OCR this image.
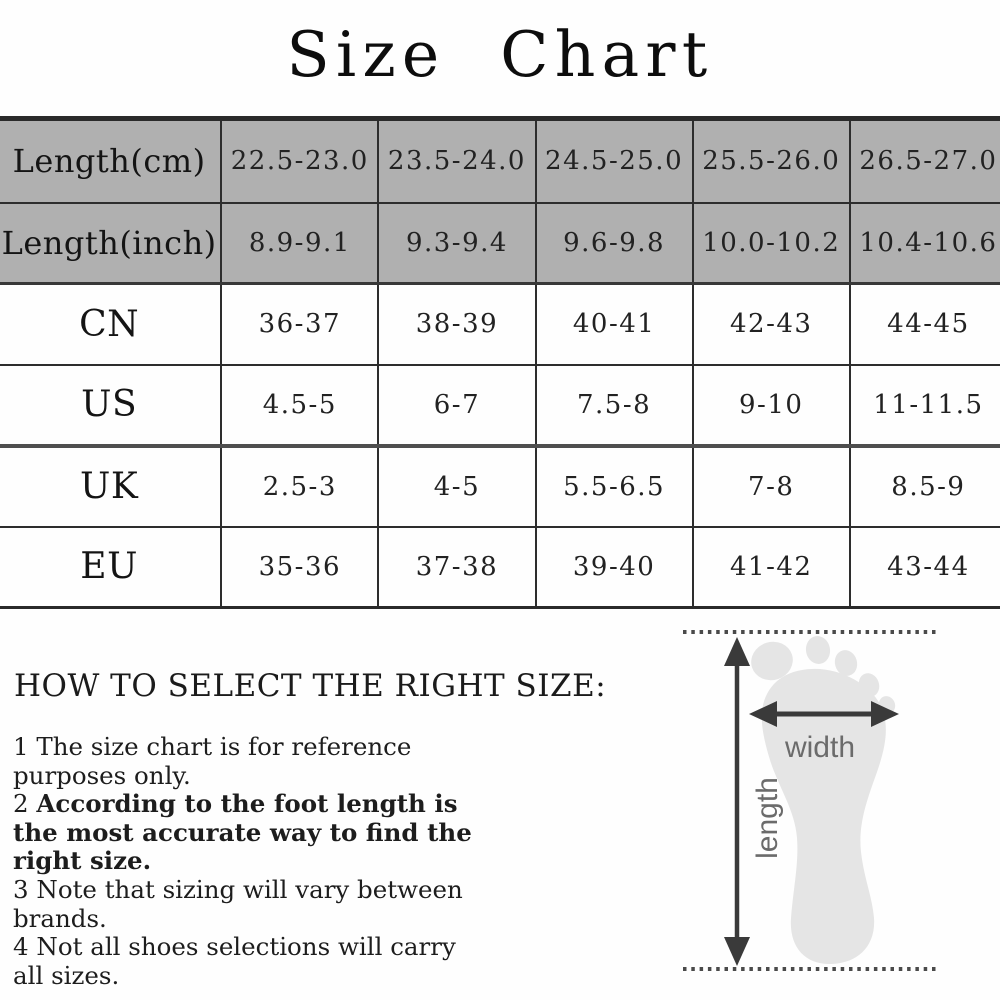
Size Chart
Length(cm)	22.5-23.0	23.5-24.0	24.5-25.0	25.5-26.0	26.5-27.0
Length(inch)	8.9-9.1	9.3-9.4	9.6-9.8	10.0-10.2	10.4-10.6
CN	36-37	38-39	40-41	42-43	44-45
US	4.5-5	6-7	7.5-8	9-10	11-11.5
UK	2.5-3	4-5	5.5-6.5	7-8	8.5-9
EU	35-36	37-38	39-40	41-42	43-44
HOW TO SELECT THE RIGHT SIZE:
1 The size chart is for reference purposes only.
2 According to the foot length is the most accurate way to find the right size.
3 Note that sizing will vary between brands.
4 Not all shoes selections will carry all sizes.
width
length
